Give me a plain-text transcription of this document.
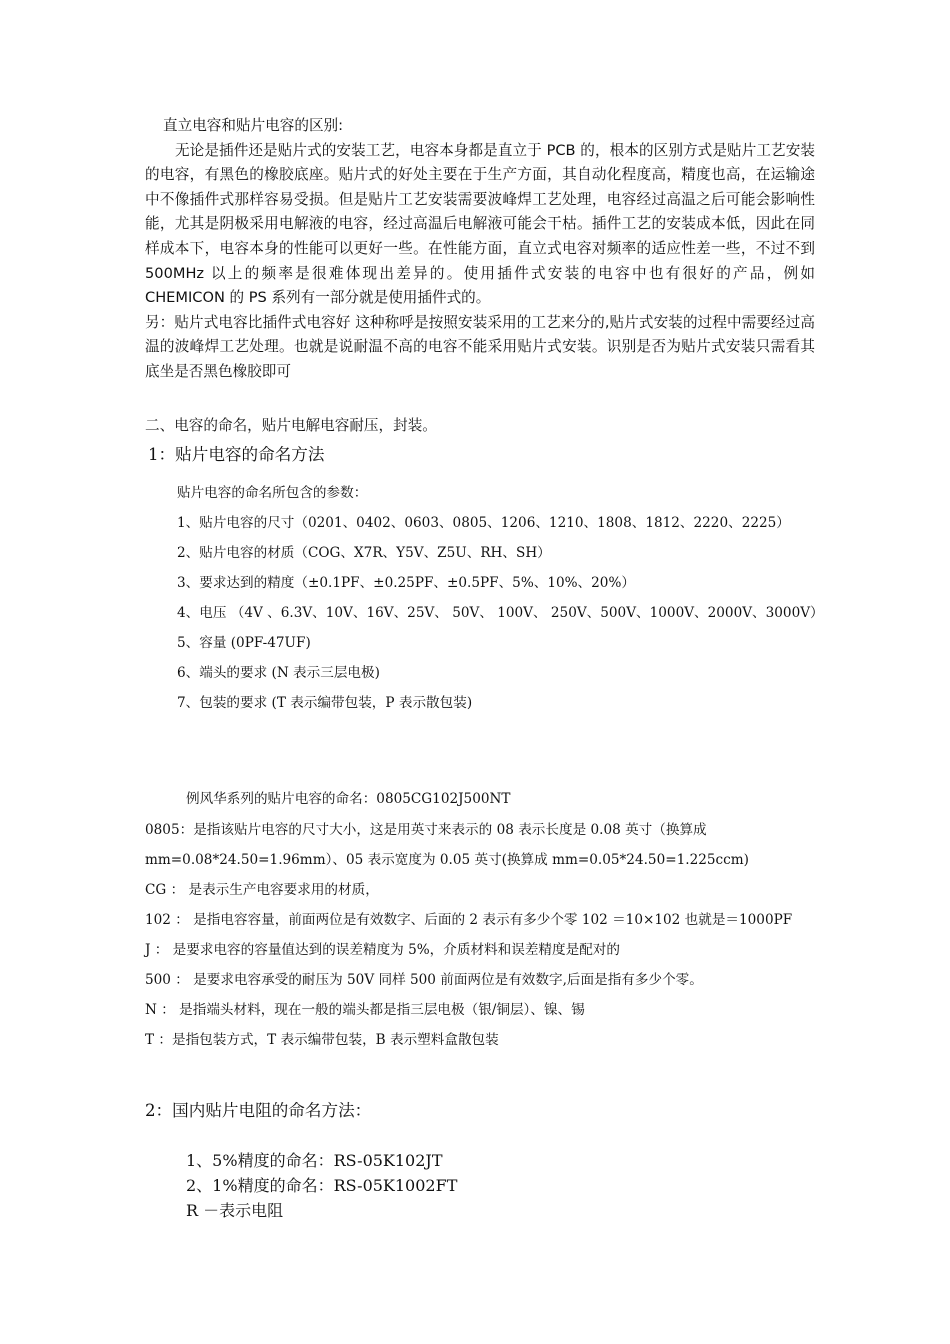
直立电容和贴片电容的区别:

无论是插件还是贴片式的安装工艺，电容本身都是直立于 PCB 的，根本的区别方式是贴片工艺安装的电容，有黑色的橡胶底座。贴片式的好处主要在于生产方面，其自动化程度高，精度也高，在运输途中不像插件式那样容易受损。但是贴片工艺安装需要波峰焊工艺处理，电容经过高温之后可能会影响性能，尤其是阴极采用电解液的电容，经过高温后电解液可能会干枯。插件工艺的安装成本低，因此在同样成本下，电容本身的性能可以更好一些。在性能方面，直立式电容对频率的适应性差一些，不过不到 500MHz 以上的频率是很难体现出差异的。使用插件式安装的电容中也有很好的产品，例如 CHEMICON 的 PS 系列有一部分就是使用插件式的。

另：贴片式电容比插件式电容好 这种称呼是按照安装采用的工艺来分的,贴片式安装的过程中需要经过高温的波峰焊工艺处理。也就是说耐温不高的电容不能采用贴片式安装。识别是否为贴片式安装只需看其底坐是否黑色橡胶即可

二、电容的命名，贴片电解电容耐压，封装。
1：贴片电容的命名方法

贴片电容的命名所包含的参数：

1、贴片电容的尺寸（0201、0402、0603、0805、1206、1210、1808、1812、2220、2225）

2、贴片电容的材质（COG、X7R、Y5V、Z5U、RH、SH）

3、要求达到的精度（±0.1PF、±0.25PF、±0.5PF、5%、10%、20%）

4、电压 （4V 、6.3V、10V、16V、25V、 50V、 100V、 250V、500V、1000V、2000V、3000V）

5、容量 (0PF-47UF)

6、端头的要求 (N 表示三层电极)

7、包装的要求 (T 表示编带包装，P 表示散包装)

例风华系列的贴片电容的命名：0805CG102J500NT

0805：是指该贴片电容的尺寸大小，这是用英寸来表示的 08 表示长度是 0.08 英寸（换算成 mm=0.08*24.50=1.96mm）、05 表示宽度为 0.05 英寸(换算成 mm=0.05*24.50=1.225ccm)

CG ： 是表示生产电容要求用的材质，

102 ： 是指电容容量，前面两位是有效数字、后面的 2 表示有多少个零 102 ＝10×102 也就是＝1000PF

J ： 是要求电容的容量值达到的误差精度为 5%，介质材料和误差精度是配对的

500 ： 是要求电容承受的耐压为 50V 同样 500 前面两位是有效数字,后面是指有多少个零。

N ： 是指端头材料，现在一般的端头都是指三层电极（银/铜层）、镍、锡

T ：是指包装方式，T 表示编带包装，B 表示塑料盒散包装

2：国内贴片电阻的命名方法：

1、5%精度的命名：RS-05K102JT

2、1%精度的命名：RS-05K1002FT

R －表示电阻
